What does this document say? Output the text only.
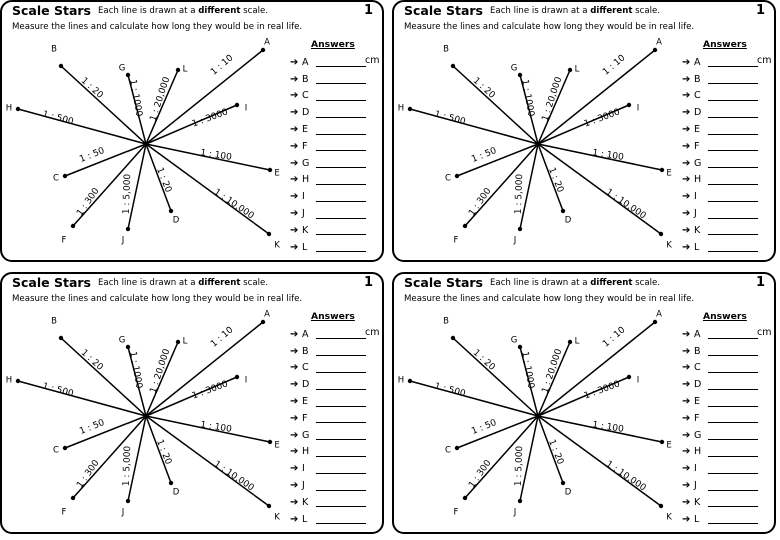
Scale Stars Each line is drawn at a different scale.
Measure the lines and calculate how long they would be in real life.
1
A
1 : 10
B
1 : 20
C
1 : 50
D
1 : 20	E
1 : 100
F
1 : 300
G
1 : 1000
H
1 : 500
I
1 : 3000
J
1 : 5,000
K
1 : 10,000
L
1 : 20,000
Answers
➔ A	cm
➔ B
➔ C
➔ D
➔ E
➔ F
➔ G
➔ H
➔ I
➔ J
➔ K
➔ L
Scale Stars Each line is drawn at a different scale.
Measure the lines and calculate how long they would be in real life.
1
A
1 : 10
B
1 : 20
C
1 : 50
D
1 : 20	E
1 : 100
F
1 : 300
G
1 : 1000
H
1 : 500
I
1 : 3000
J
1 : 5,000
K
1 : 10,000
L
1 : 20,000
Answers
➔ A	cm
➔ B
➔ C
➔ D
➔ E
➔ F
➔ G
➔ H
➔ I
➔ J
➔ K
➔ L
Scale Stars Each line is drawn at a different scale.
Measure the lines and calculate how long they would be in real life.
1
A
1 : 10
B
1 : 20
C
1 : 50
D
1 : 20	E
1 : 100
F
1 : 300
G
1 : 1000
H
1 : 500
I
1 : 3000
J
1 : 5,000
K
1 : 10,000
L
1 : 20,000
Answers
➔ A	cm
➔ B
➔ C
➔ D
➔ E
➔ F
➔ G
➔ H
➔ I
➔ J
➔ K
➔ L
Scale Stars Each line is drawn at a different scale.
Measure the lines and calculate how long they would be in real life.
1
A
1 : 10
B
1 : 20
C
1 : 50
D
1 : 20	E
1 : 100
F
1 : 300
G
1 : 1000
H
1 : 500
I
1 : 3000
J
1 : 5,000
K
1 : 10,000
L
1 : 20,000
Answers
➔ A	cm
➔ B
➔ C
➔ D
➔ E
➔ F
➔ G
➔ H
➔ I
➔ J
➔ K
➔ L
